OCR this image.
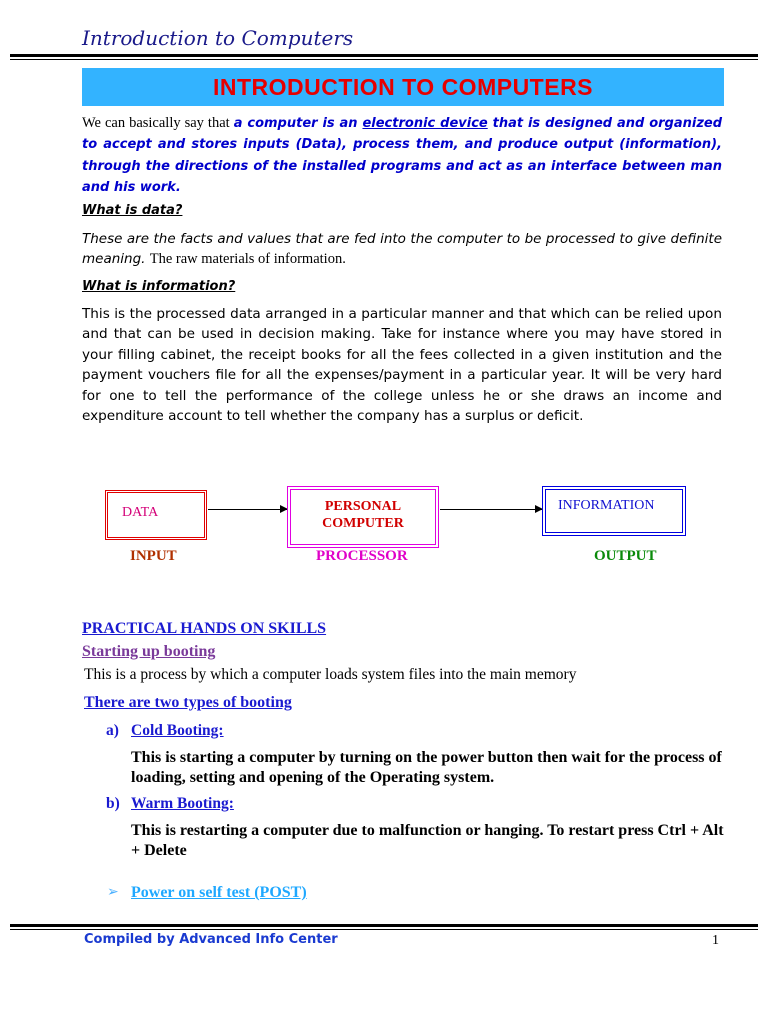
Introduction to Computers
INTRODUCTION TO COMPUTERS
We can basically say that a computer is an electronic device that is designed and organized to accept and stores inputs (Data), process them, and produce output (information), through the directions of the installed programs and act as an interface between man and his work.
What is data?
These are the facts and values that are fed into the computer to be processed to give definite meaning. The raw materials of information.
What is information?
This is the processed data arranged in a particular manner and that which can be relied upon and that can be used in decision making. Take for instance where you may have stored in your filling cabinet, the receipt books for all the fees collected in a given institution and the payment vouchers file for all the expenses/payment in a particular year. It will be very hard for one to tell the performance of the college unless he or she draws an income and expenditure account to tell whether the company has a surplus or deficit.
DATA	PERSONAL
COMPUTER
INFORMATION
INPUT	PROCESSOR	OUTPUT
PRACTICAL HANDS ON SKILLS
Starting up booting
This is a process by which a computer loads system files into the main memory
There are two types of booting
a) Cold Booting:
This is starting a computer by turning on the power button then wait for the process of loading, setting and opening of the Operating system.
b) Warm Booting:
This is restarting a computer due to malfunction or hanging. To restart press Ctrl + Alt + Delete
➢ Power on self test (POST)
Compiled by Advanced Info Center	1
